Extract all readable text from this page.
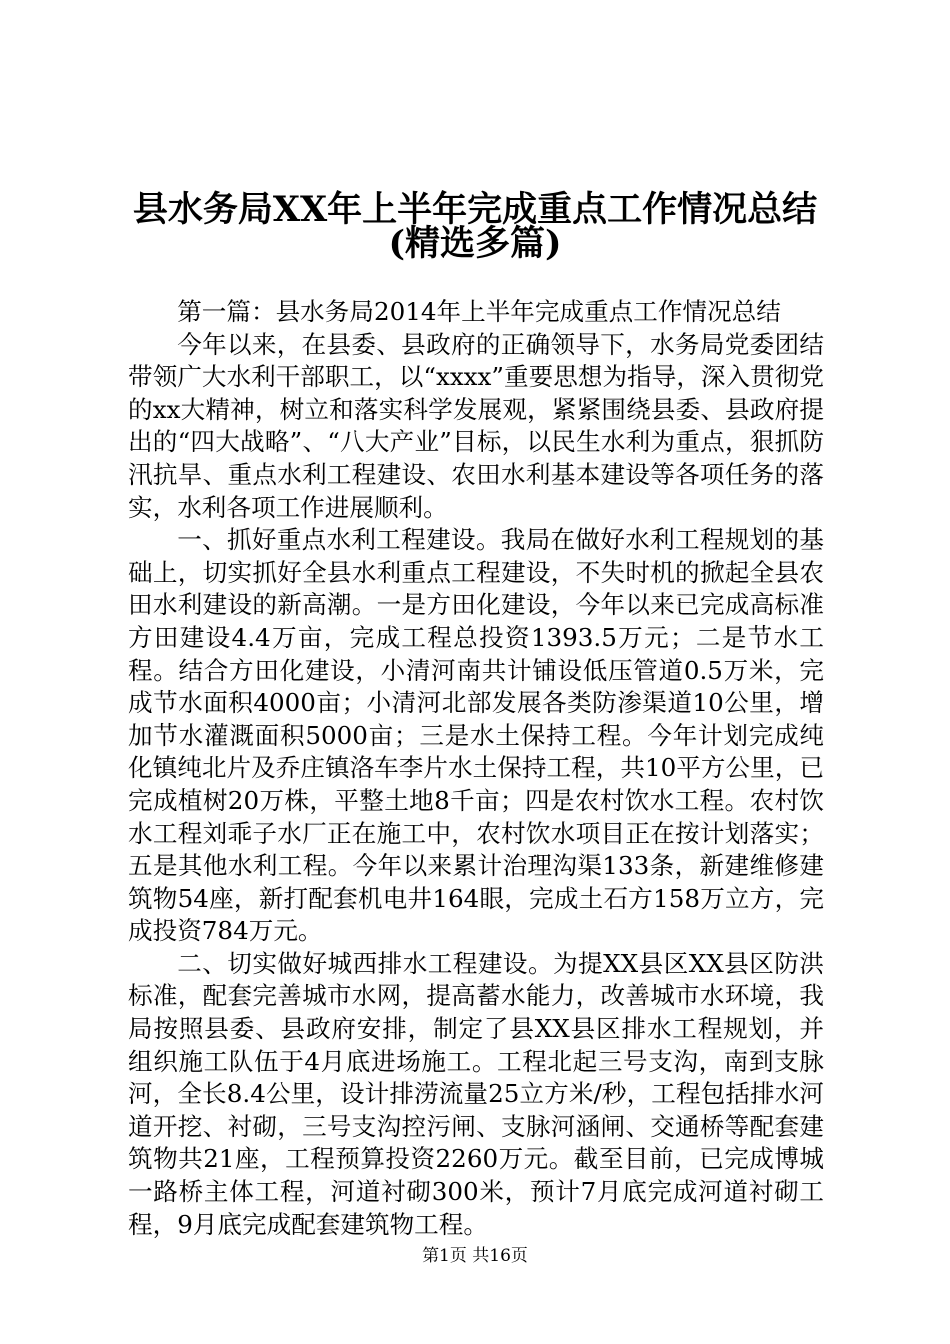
县水务局XX年上半年完成重点工作情况总结
(精选多篇)

第一篇：县水务局2014年上半年完成重点工作情况总结

今年以来，在县委、县政府的正确领导下，水务局党委团结带领广大水利干部职工，以“xxxx”重要思想为指导，深入贯彻党的xx大精神，树立和落实科学发展观，紧紧围绕县委、县政府提出的“四大战略”、“八大产业”目标，以民生水利为重点，狠抓防汛抗旱、重点水利工程建设、农田水利基本建设等各项任务的落实，水利各项工作进展顺利。

一、抓好重点水利工程建设。我局在做好水利工程规划的基础上，切实抓好全县水利重点工程建设，不失时机的掀起全县农田水利建设的新高潮。一是方田化建设，今年以来已完成高标准方田建设4.4万亩，完成工程总投资1393.5万元；二是节水工程。结合方田化建设，小清河南共计铺设低压管道0.5万米，完成节水面积4000亩；小清河北部发展各类防渗渠道10公里，增加节水灌溉面积5000亩；三是水土保持工程。今年计划完成纯化镇纯北片及乔庄镇洛车李片水土保持工程，共10平方公里，已完成植树20万株，平整土地8千亩；四是农村饮水工程。农村饮水工程刘乖子水厂正在施工中，农村饮水项目正在按计划落实；五是其他水利工程。今年以来累计治理沟渠133条，新建维修建筑物54座，新打配套机电井164眼，完成土石方158万立方，完成投资784万元。

二、切实做好城西排水工程建设。为提XX县区XX县区防洪标准，配套完善城市水网，提高蓄水能力，改善城市水环境，我局按照县委、县政府安排，制定了县XX县区排水工程规划，并组织施工队伍于4月底进场施工。工程北起三号支沟，南到支脉河，全长8.4公里，设计排涝流量25立方米/秒，工程包括排水河道开挖、衬砌，三号支沟控污闸、支脉河涵闸、交通桥等配套建筑物共21座，工程预算投资2260万元。截至目前，已完成博城一路桥主体工程，河道衬砌300米，预计7月底完成河道衬砌工程，9月底完成配套建筑物工程。

第1页 共16页
